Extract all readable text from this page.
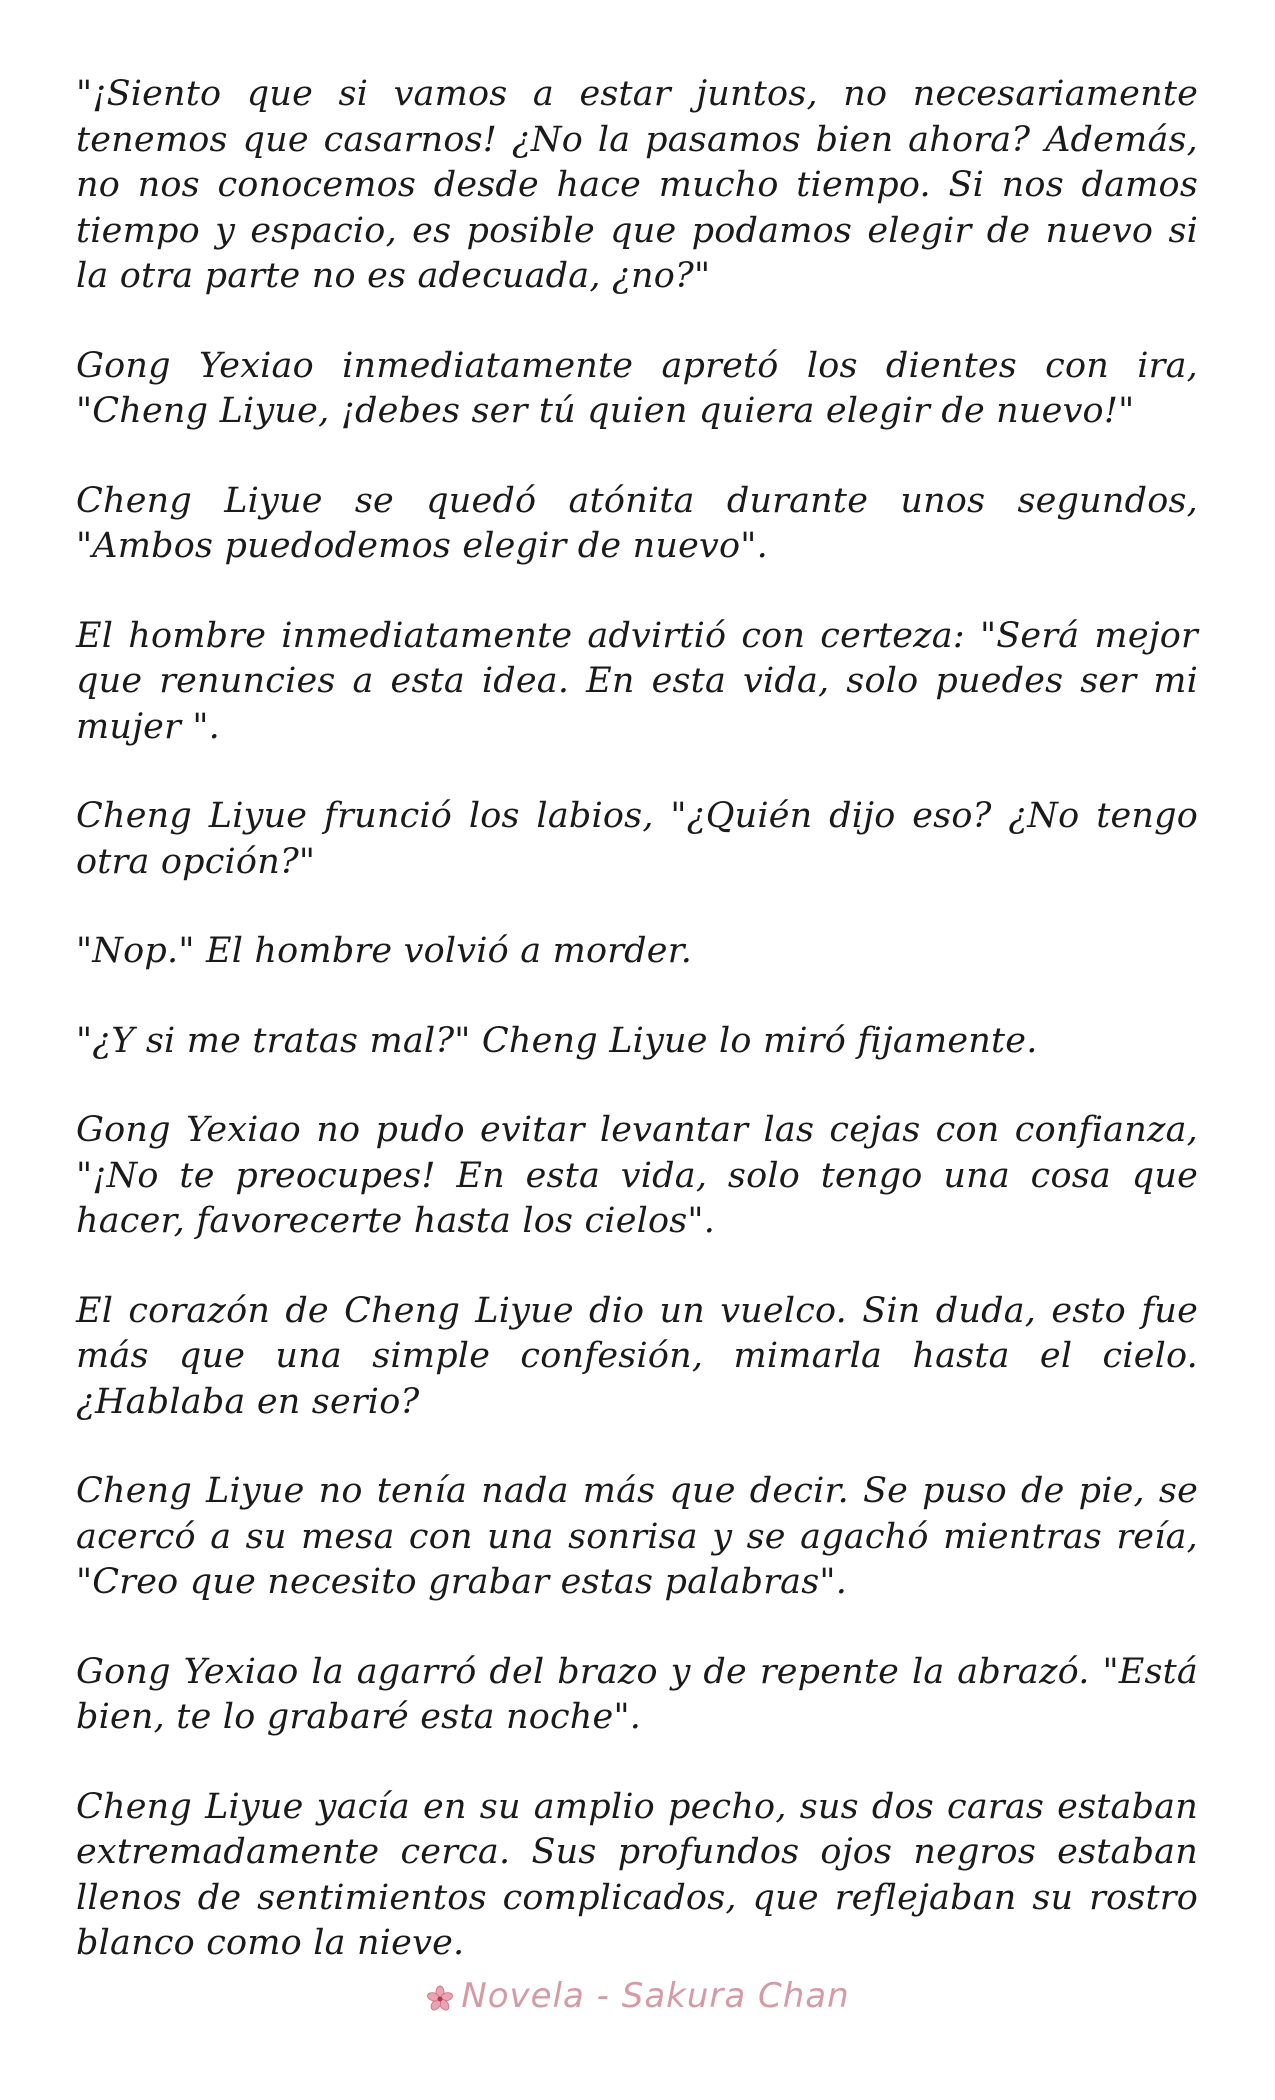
"¡Siento que si vamos a estar juntos, no necesariamente tenemos que casarnos! ¿No la pasamos bien ahora? Además, no nos conocemos desde hace mucho tiempo. Si nos damos tiempo y espacio, es posible que podamos elegir de nuevo si la otra parte no es adecuada, ¿no?"

Gong Yexiao inmediatamente apretó los dientes con ira, "Cheng Liyue, ¡debes ser tú quien quiera elegir de nuevo!"

Cheng Liyue se quedó atónita durante unos segundos, "Ambos puedodemos elegir de nuevo".

El hombre inmediatamente advirtió con certeza: "Será mejor que renuncies a esta idea. En esta vida, solo puedes ser mi mujer ".

Cheng Liyue frunció los labios, "¿Quién dijo eso? ¿No tengo otra opción?"

"Nop." El hombre volvió a morder.

"¿Y si me tratas mal?" Cheng Liyue lo miró fijamente.

Gong Yexiao no pudo evitar levantar las cejas con confianza, "¡No te preocupes! En esta vida, solo tengo una cosa que hacer, favorecerte hasta los cielos".

El corazón de Cheng Liyue dio un vuelco. Sin duda, esto fue más que una simple confesión, mimarla hasta el cielo. ¿Hablaba en serio?

Cheng Liyue no tenía nada más que decir. Se puso de pie, se acercó a su mesa con una sonrisa y se agachó mientras reía, "Creo que necesito grabar estas palabras".

Gong Yexiao la agarró del brazo y de repente la abrazó. "Está bien, te lo grabaré esta noche".

Cheng Liyue yacía en su amplio pecho, sus dos caras estaban extremadamente cerca. Sus profundos ojos negros estaban llenos de sentimientos complicados, que reflejaban su rostro blanco como la nieve.

Novela - Sakura Chan
